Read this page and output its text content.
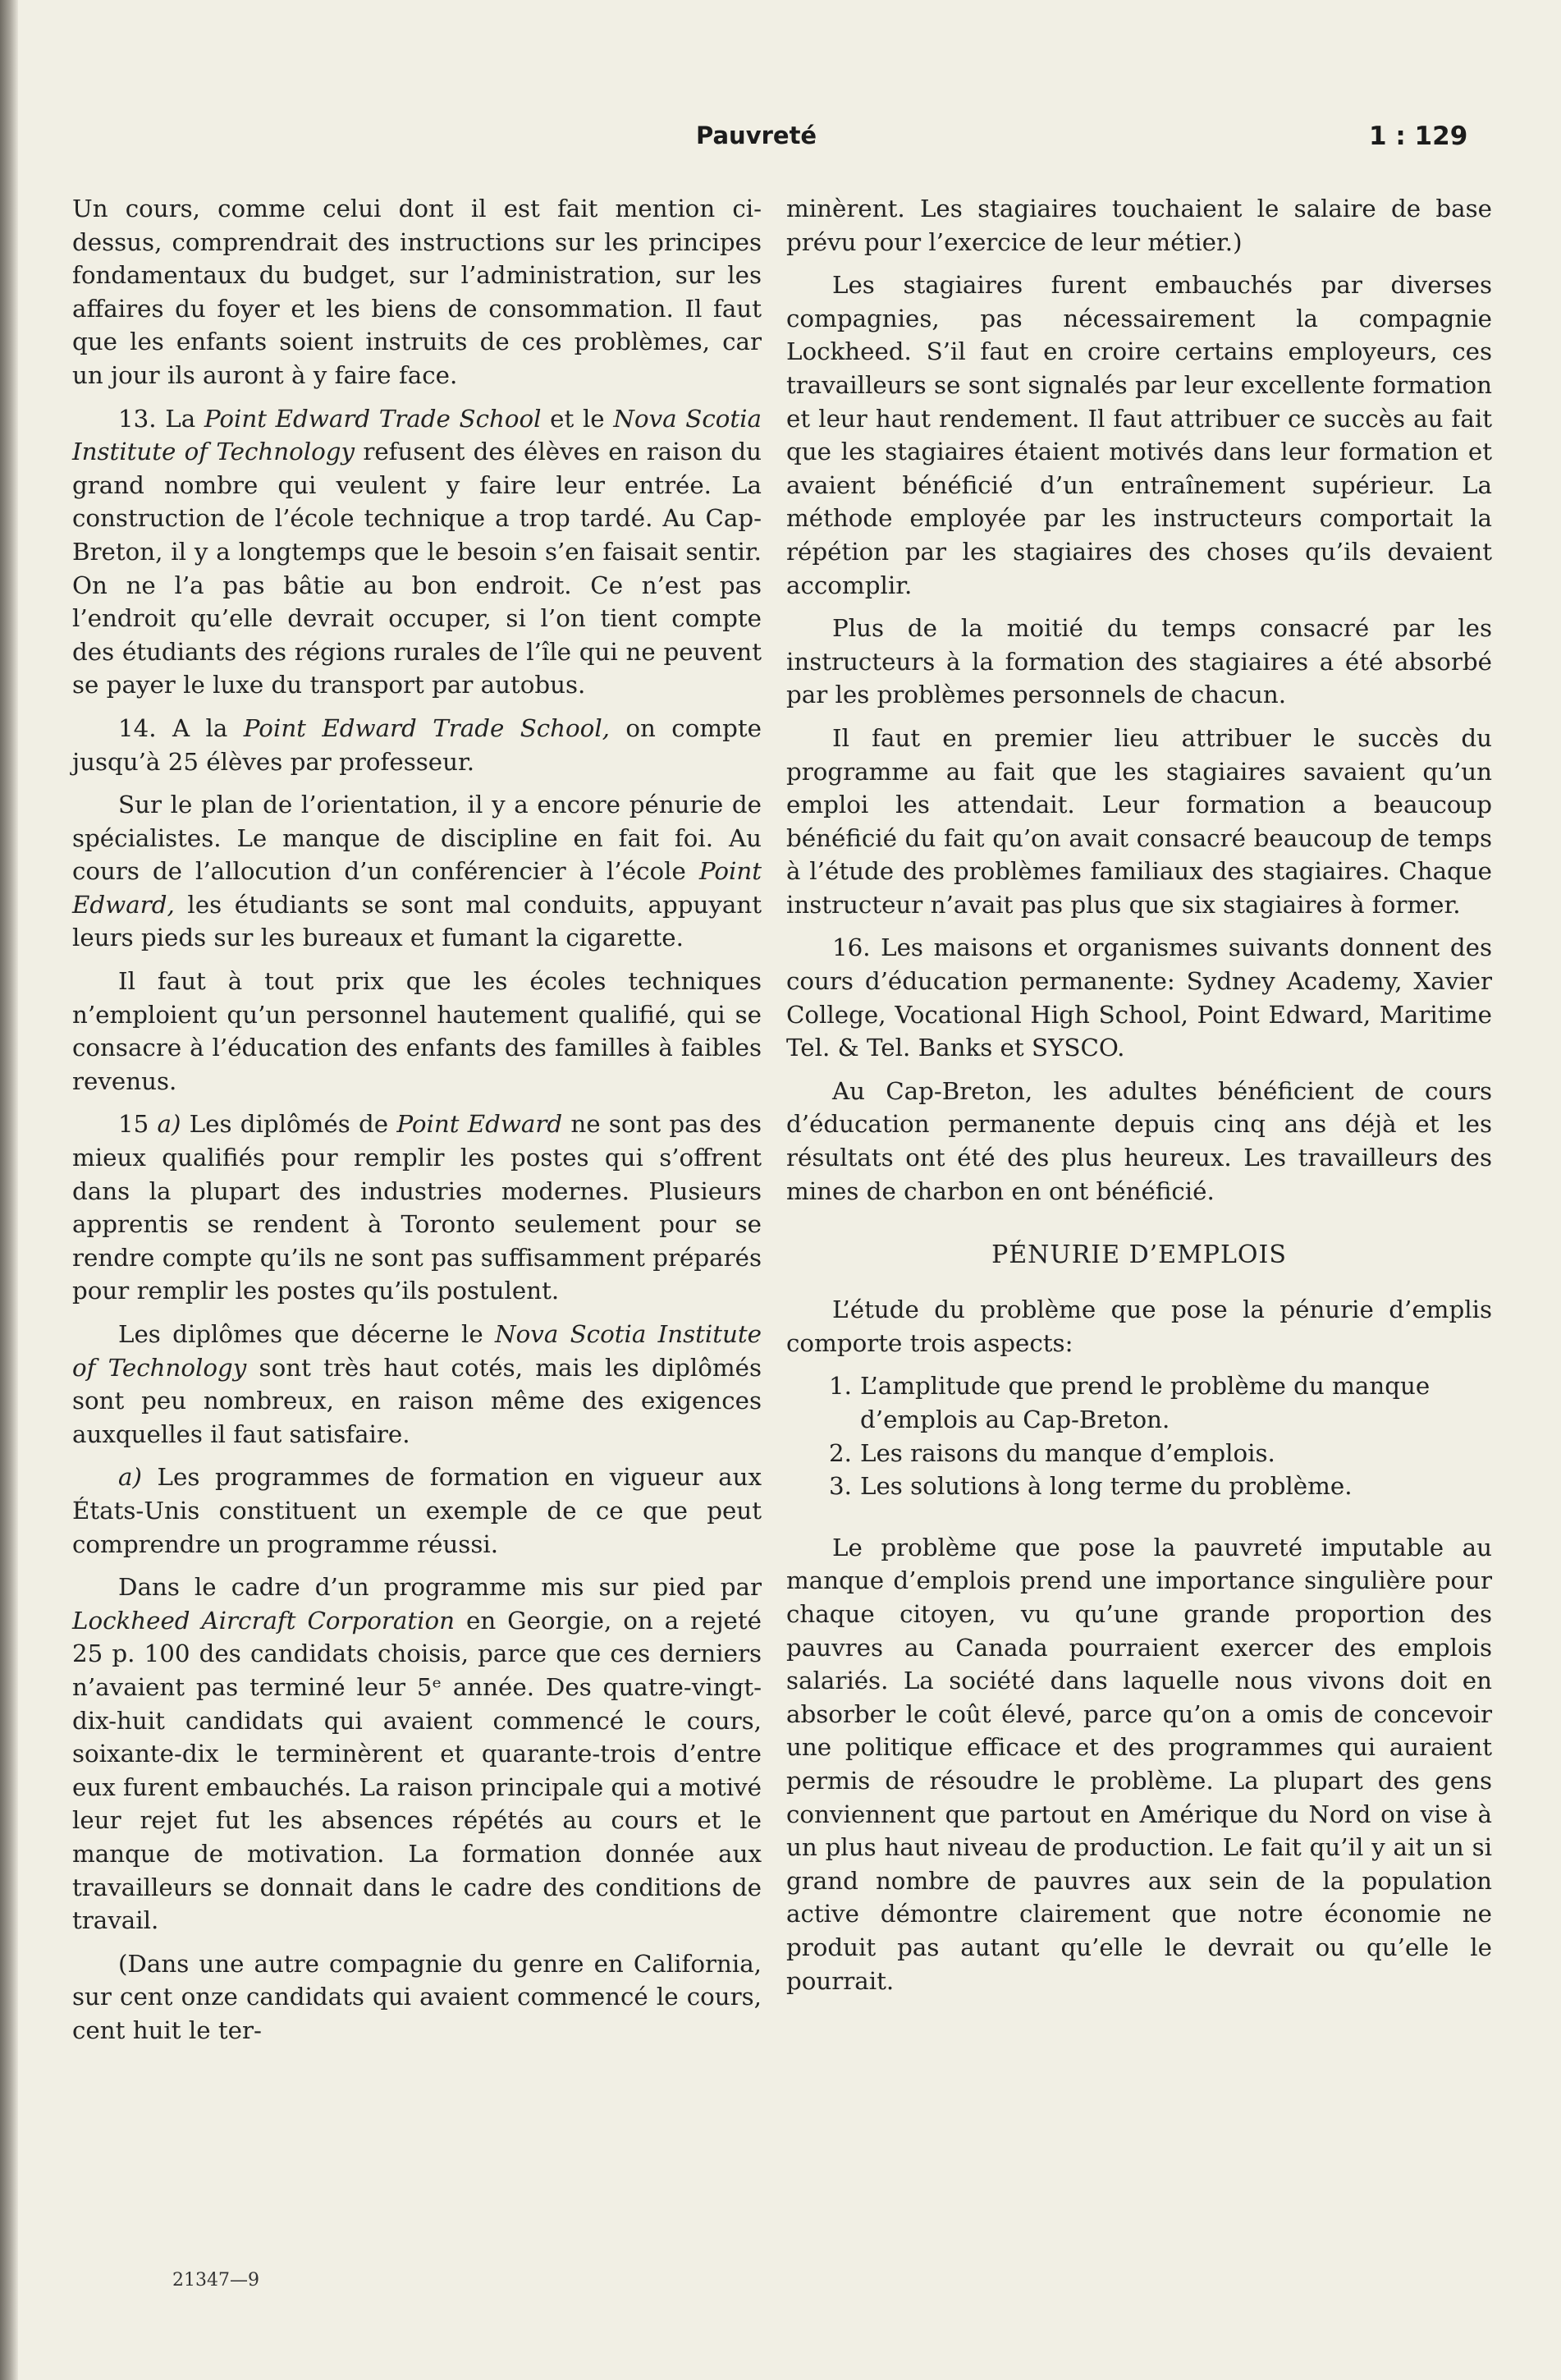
Pauvreté	1 : 129

Un cours, comme celui dont il est fait mention ci-dessus, comprendrait des instructions sur les principes fondamentaux du budget, sur l’administration, sur les affaires du foyer et les biens de consommation. Il faut que les enfants soient instruits de ces problèmes, car un jour ils auront à y faire face.

13. La Point Edward Trade School et le Nova Scotia Institute of Technology refusent des élèves en raison du grand nombre qui veulent y faire leur entrée. La construction de l’école technique a trop tardé. Au Cap-Breton, il y a longtemps que le besoin s’en faisait sentir. On ne l’a pas bâtie au bon endroit. Ce n’est pas l’endroit qu’elle devrait occuper, si l’on tient compte des étudiants des régions rurales de l’île qui ne peuvent se payer le luxe du transport par autobus.

14. A la Point Edward Trade School, on compte jusqu’à 25 élèves par professeur.

Sur le plan de l’orientation, il y a encore pénurie de spécialistes. Le manque de discipline en fait foi. Au cours de l’allocution d’un conférencier à l’école Point Edward, les étudiants se sont mal conduits, appuyant leurs pieds sur les bureaux et fumant la cigarette.

Il faut à tout prix que les écoles techniques n’emploient qu’un personnel hautement qualifié, qui se consacre à l’éducation des enfants des familles à faibles revenus.

15 a) Les diplômés de Point Edward ne sont pas des mieux qualifiés pour remplir les postes qui s’offrent dans la plupart des industries modernes. Plusieurs apprentis se rendent à Toronto seulement pour se rendre compte qu’ils ne sont pas suffisamment préparés pour remplir les postes qu’ils postulent.

Les diplômes que décerne le Nova Scotia Institute of Technology sont très haut cotés, mais les diplômés sont peu nombreux, en raison même des exigences auxquelles il faut satisfaire.

a) Les programmes de formation en vigueur aux États-Unis constituent un exemple de ce que peut comprendre un programme réussi.

Dans le cadre d’un programme mis sur pied par Lockheed Aircraft Corporation en Georgie, on a rejeté 25 p. 100 des candidats choisis, parce que ces derniers n’avaient pas terminé leur 5ᵉ année. Des quatre-vingt-dix-huit candidats qui avaient commencé le cours, soixante-dix le terminèrent et quarante-trois d’entre eux furent embauchés. La raison principale qui a motivé leur rejet fut les absences répétés au cours et le manque de motivation. La formation donnée aux travailleurs se donnait dans le cadre des conditions de travail.

(Dans une autre compagnie du genre en California, sur cent onze candidats qui avaient commencé le cours, cent huit le ter-

minèrent. Les stagiaires touchaient le salaire de base prévu pour l’exercice de leur métier.)

Les stagiaires furent embauchés par diverses compagnies, pas nécessairement la compagnie Lockheed. S’il faut en croire certains employeurs, ces travailleurs se sont signalés par leur excellente formation et leur haut rendement. Il faut attribuer ce succès au fait que les stagiaires étaient motivés dans leur formation et avaient bénéficié d’un entraînement supérieur. La méthode employée par les instructeurs comportait la répétion par les stagiaires des choses qu’ils devaient accomplir.

Plus de la moitié du temps consacré par les instructeurs à la formation des stagiaires a été absorbé par les problèmes personnels de chacun.

Il faut en premier lieu attribuer le succès du programme au fait que les stagiaires savaient qu’un emploi les attendait. Leur formation a beaucoup bénéficié du fait qu’on avait consacré beaucoup de temps à l’étude des problèmes familiaux des stagiaires. Chaque instructeur n’avait pas plus que six stagiaires à former.

16. Les maisons et organismes suivants donnent des cours d’éducation permanente: Sydney Academy, Xavier College, Vocational High School, Point Edward, Maritime Tel. & Tel. Banks et SYSCO.

Au Cap-Breton, les adultes bénéficient de cours d’éducation permanente depuis cinq ans déjà et les résultats ont été des plus heureux. Les travailleurs des mines de charbon en ont bénéficié.

PÉNURIE D’EMPLOIS

L’étude du problème que pose la pénurie d’emplis comporte trois aspects:

1. L’amplitude que prend le problème du manque d’emplois au Cap-Breton.
2. Les raisons du manque d’emplois.
3. Les solutions à long terme du problème.

Le problème que pose la pauvreté imputable au manque d’emplois prend une importance singulière pour chaque citoyen, vu qu’une grande proportion des pauvres au Canada pourraient exercer des emplois salariés. La société dans laquelle nous vivons doit en absorber le coût élevé, parce qu’on a omis de concevoir une politique efficace et des programmes qui auraient permis de résoudre le problème. La plupart des gens conviennent que partout en Amérique du Nord on vise à un plus haut niveau de production. Le fait qu’il y ait un si grand nombre de pauvres aux sein de la population active démontre clairement que notre économie ne produit pas autant qu’elle le devrait ou qu’elle le pourrait.

21347—9
